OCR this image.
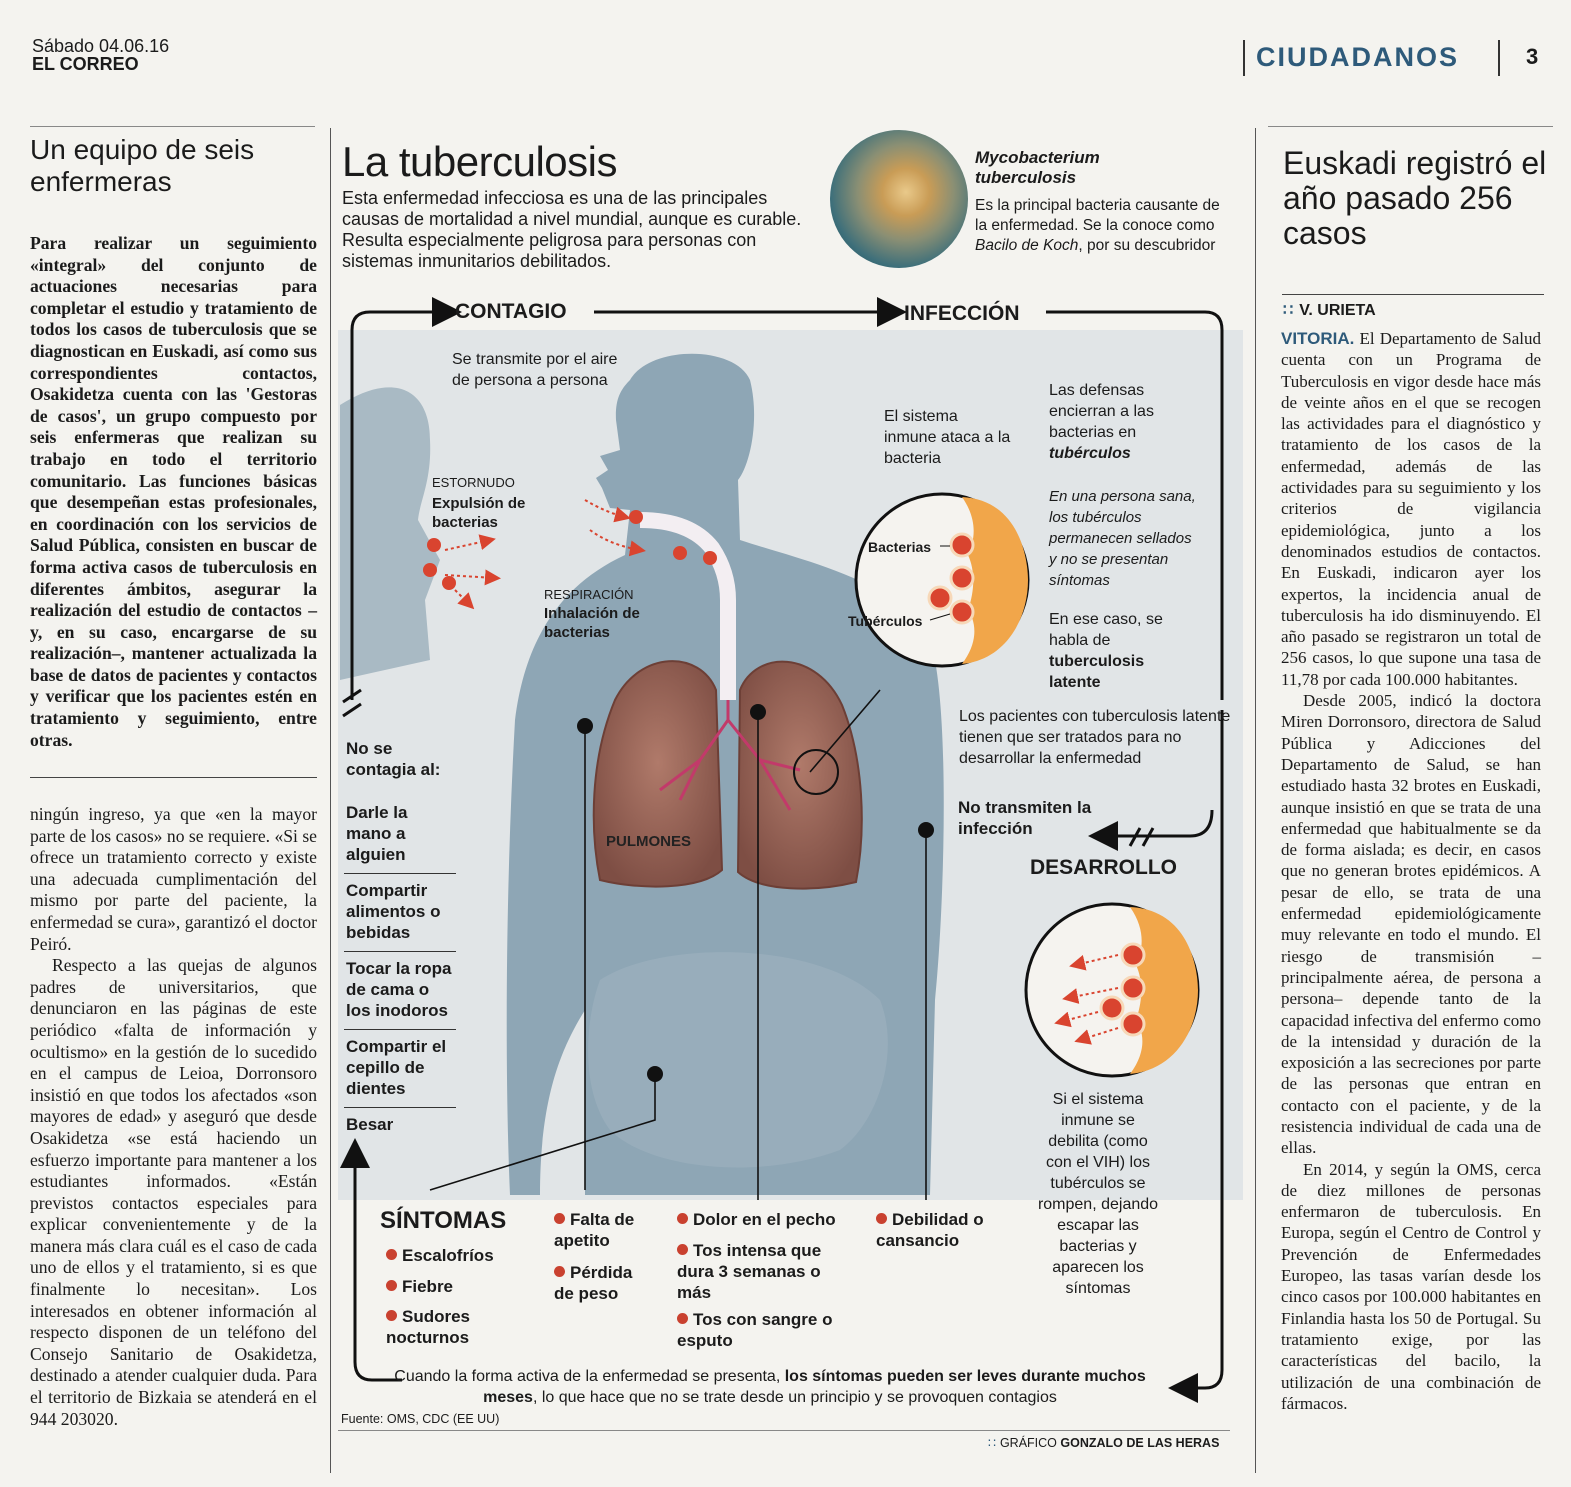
Sábado 04.06.16
EL CORREO	CIUDADANOS	3
Un equipo de seis enfermeras
Para realizar un seguimiento «integral» del conjunto de actuaciones necesarias para completar el estudio y tratamiento de todos los casos de tuberculosis que se diagnostican en Euskadi, así como sus correspondientes contactos, Osakidetza cuenta con las 'Gestoras de casos', un grupo compuesto por seis enfermeras que realizan su trabajo en todo el territorio comunitario. Las funciones básicas que desempeñan estas profesionales, en coordinación con los servicios de Salud Pública, consisten en buscar de forma activa casos de tuberculosis en diferentes ámbitos, asegurar la realización del estudio de contactos –y, en su caso, encargarse de su realización–, mantener actualizada la base de datos de pacientes y contactos y verificar que los pacientes estén en tratamiento y seguimiento, entre otras.

ningún ingreso, ya que «en la mayor parte de los casos» no se requiere. «Si se ofrece un tratamiento correcto y existe una adecuada cumplimentación del mismo por parte del paciente, la enfermedad se cura», garantizó el doctor Peiró.

Respecto a las quejas de algunos padres de universitarios, que denunciaron en las páginas de este periódico «falta de información y ocultismo» en la gestión de lo sucedido en el campus de Leioa, Dorronsoro insistió en que todos los afectados «son mayores de edad» y aseguró que desde Osakidetza «se está haciendo un esfuerzo importante para mantener a los estudiantes informados. «Están previstos contactos especiales para explicar convenientemente y de la manera más clara cuál es el caso de cada uno de ellos y el tratamiento, si es que finalmente lo necesitan». Los interesados en obtener información al respecto disponen de un teléfono del Consejo Sanitario de Osakidetza, destinado a atender cualquier duda. Para el territorio de Bizkaia se atenderá en el 944 203020.

Euskadi registró el año pasado 256 casos
∷ V. URIETA

VITORIA. El Departamento de Salud cuenta con un Programa de Tuberculosis en vigor desde hace más de veinte años en el que se recogen las actividades para el diagnóstico y tratamiento de los casos de la enfermedad, además de las actividades para su seguimiento y los criterios de vigilancia epidemiológica, junto a los denominados estudios de contactos. En Euskadi, indicaron ayer los expertos, la incidencia anual de tuberculosis ha ido disminuyendo. El año pasado se registraron un total de 256 casos, lo que supone una tasa de 11,78 por cada 100.000 habitantes.

Desde 2005, indicó la doctora Miren Dorronsoro, directora de Salud Pública y Adicciones del Departamento de Salud, se han estudiado hasta 32 brotes en Euskadi, aunque insistió en que se trata de una enfermedad que habitualmente se da de forma aislada; es decir, en casos que no generan brotes epidémicos. A pesar de ello, se trata de una enfermedad epidemiológicamente muy relevante en todo el mundo. El riesgo de transmisión –principalmente aérea, de persona a persona– depende tanto de la capacidad infectiva del enfermo como de la intensidad y duración de la exposición a las secreciones por parte de las personas que entran en contacto con el paciente, y de la resistencia individual de cada una de ellas.

En 2014, y según la OMS, cerca de diez millones de personas enfermaron de tuberculosis. En Europa, según el Centro de Control y Prevención de Enfermedades Europeo, las tasas varían desde los cinco casos por 100.000 habitantes en Finlandia hasta los 50 de Portugal. Su tratamiento exige, por las características del bacilo, la utilización de una combinación de fármacos.

La tuberculosis
Esta enfermedad infecciosa es una de las principales causas de mortalidad a nivel mundial, aunque es curable. Resulta especialmente peligrosa para personas con sistemas inmunitarios debilitados.
Mycobacterium tuberculosis
Es la principal bacteria causante de la enfermedad. Se la conoce como Bacilo de Koch, por su descubridor
CONTAGIO	INFECCIÓN
DESARROLLO
Se transmite por el aire de persona a persona
ESTORNUDO
Expulsión de bacterias
RESPIRACIÓN
Inhalación de bacterias
PULMONES
El sistema inmune ataca a la bacteria
Las defensas encierran a las bacterias en tubérculos
En una persona sana, los tubérculos permanecen sellados y no se presentan síntomas
En ese caso, se habla de tuberculosis latente
Los pacientes con tuberculosis latente tienen que ser tratados para no desarrollar la enfermedad
Bacterias
Tubérculos
No transmiten la infección
Si el sistema inmune se debilita (como con el VIH) los tubérculos se rompen, dejando escapar las bacterias y aparecen los síntomas
No se contagia al:
Darle la mano a alguien
Compartir alimentos o bebidas
Tocar la ropa de cama o los inodoros
Compartir el cepillo de dientes
Besar
SÍNTOMAS
Escalofríos
Fiebre
Sudores nocturnos
Falta de apetito
Pérdida de peso
Dolor en el pecho
Tos intensa que dura 3 semanas o más
Tos con sangre o esputo
Debilidad o cansancio
Cuando la forma activa de la enfermedad se presenta, los síntomas pueden ser leves durante muchos meses, lo que hace que no se trate desde un principio y se provoquen contagios
Fuente: OMS, CDC (EE UU)
∷ GRÁFICO GONZALO DE LAS HERAS
